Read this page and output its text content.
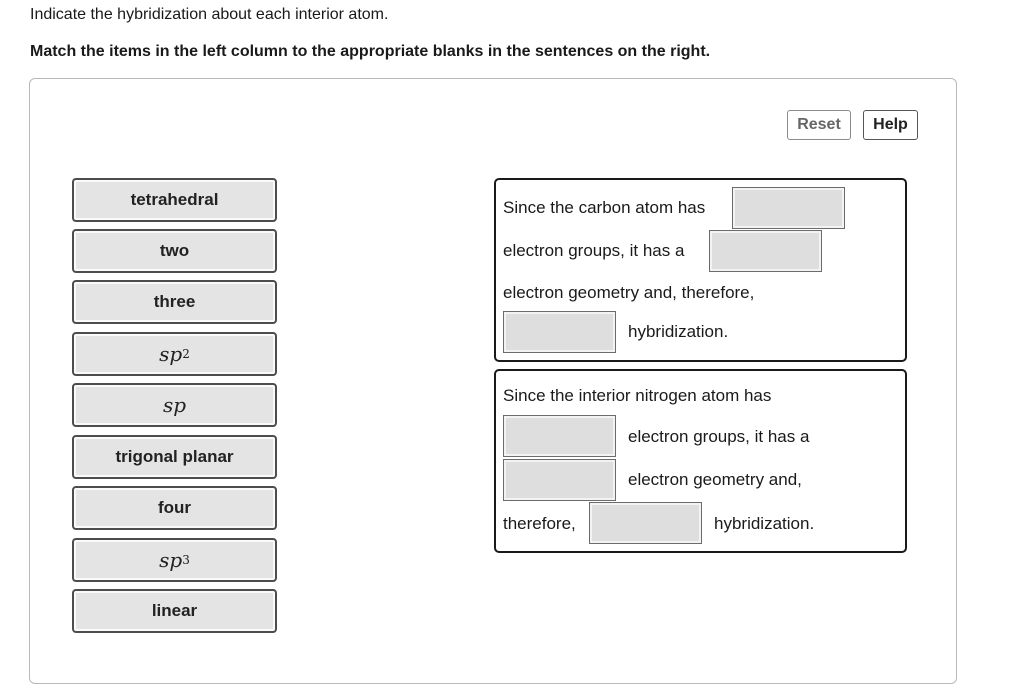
Indicate the hybridization about each interior atom.
Match the items in the left column to the appropriate blanks in the sentences on the right.
Reset	Help
tetrahedral
two
three
sp 2
sp
trigonal planar
four
sp 3
linear
Since the carbon atom has
electron groups, it has a
electron geometry and, therefore,
hybridization.
Since the interior nitrogen atom has
electron groups, it has a
electron geometry and,
therefore,	hybridization.
